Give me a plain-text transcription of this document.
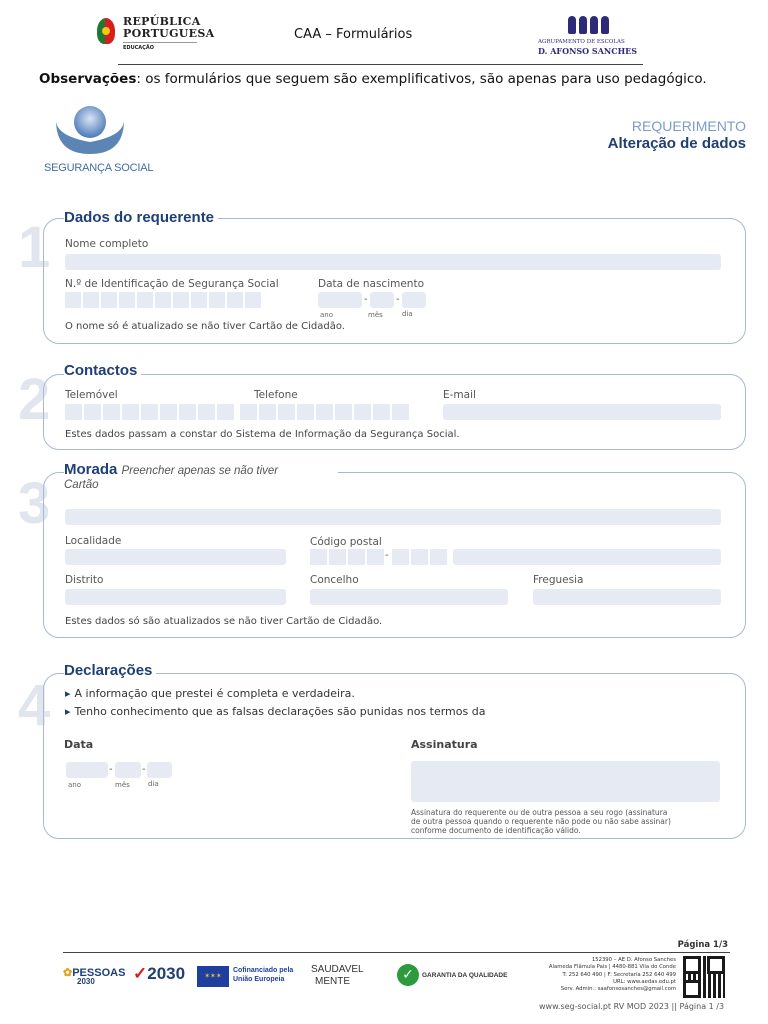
REPÚBLICA
PORTUGUESA
EDUCAÇÃO
CAA – Formulários	AGRUPAMENTO DE ESCOLAS
D. AFONSO SANCHES
Observações: os formulários que seguem são exemplificativos, são apenas para uso pedagógico.
SEGURANÇA SOCIAL
REQUERIMENTO
Alteração de dados
1 Dados do requerente
Nome completo
N.º de Identificação de Segurança Social	Data de nascimento
-	-
ano	mês	dia
O nome só é atualizado se não tiver Cartão de Cidadão.
2 Contactos
Telemóvel	Telefone	E-mail
Estes dados passam a constar do Sistema de Informação da Segurança Social.
3
Morada Preencher apenas se não tiver
$^{Cartão}$
Localidade	Código postal
-
Distrito	Concelho	Freguesia
Estes dados só são atualizados se não tiver Cartão de Cidadão.
4
Declarações
▸ A informação que prestei é completa e verdadeira.
▸ Tenho conhecimento que as falsas declarações são punidas nos termos da
Data
-	-
ano	mês	dia
Assinatura
Assinatura do requerente ou de outra pessoa a seu rogo (assinatura
de outra pessoa quando o requerente não pode ou não sabe assinar)
conforme documento de identificação válido.
Página 1/3
✿PESSOAS
2030	✓2030	✶✶✶
Cofinanciado pela União Europeia
SAUDAVEL
MENTE	✓	GARANTIA DA QUALIDADE
152390 – AE D. Afonso Sanches
Alameda Flâmula Pais | 4480-881 Vila do Conde
T: 252 640 490 | F: Secretaria 252 640 499
URL: www.aedas.edu.pt
Serv. Admin.: saafonsosanches@gmail.com
www.seg-social.pt RV MOD 2023 || Página 1 /3
